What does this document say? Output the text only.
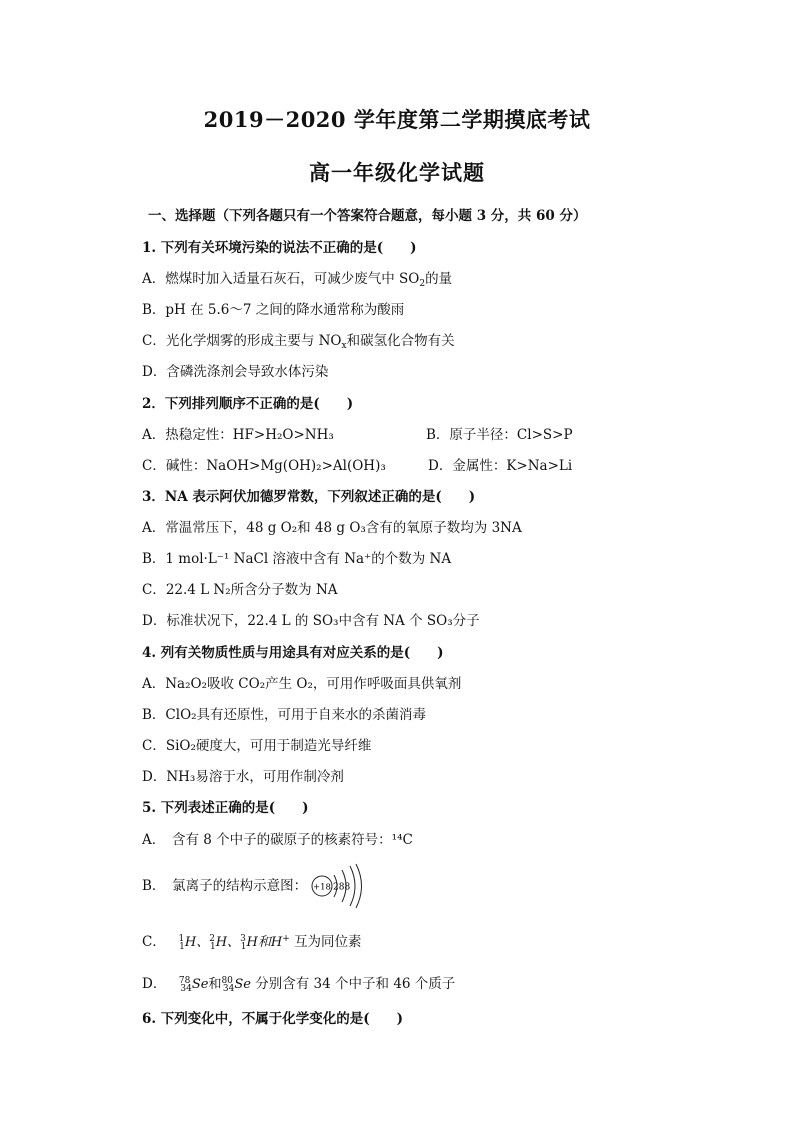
2019－2020 学年度第二学期摸底考试
高一年级化学试题
一、选择题（下列各题只有一个答案符合题意，每小题 3 分，共 60 分）
1. 下列有关环境污染的说法不正确的是(　　)
A．燃煤时加入适量石灰石，可减少废气中 $SO_2$的量
B．pH 在 5.6～7 之间的降水通常称为酸雨
C．光化学烟雾的形成主要与 $NO_x$和碳氢化合物有关
D．含磷洗涤剂会导致水体污染
2．下列排列顺序不正确的是(　　)
A．热稳定性：HF>H₂O>NH₃	B．原子半径：Cl>S>P
C．碱性：NaOH>Mg(OH)₂>Al(OH)₃	D．金属性：K>Na>Li
3．NA 表示阿伏加德罗常数，下列叙述正确的是(　　)
A．常温常压下，48 g O₂和 48 g O₃含有的氧原子数均为 3NA
B．1 mol·L⁻¹ NaCl 溶液中含有 Na⁺的个数为 NA
C．22.4 L N₂所含分子数为 NA
D．标准状况下，22.4 L 的 SO₃中含有 NA 个 SO₃分子
4. 列有关物质性质与用途具有对应关系的是(　　)
A．Na₂O₂吸收 CO₂产生 O₂，可用作呼吸面具供氧剂
B．ClO₂具有还原性，可用于自来水的杀菌消毒
C．SiO₂硬度大，可用于制造光导纤维
D．NH₃易溶于水，可用作制冷剂
5. 下列表述正确的是(　　)
A．　含有 8 个中子的碳原子的核素符号：¹⁴C
B．　氯离子的结构示意图： +18 288
C． $^1_1$H、$^2_1$H、$^3_1$H和H+ 互为同位素
D． $^{78}_{34}$Se和$^{80}_{34}$Se 分别含有 34 个中子和 46 个质子
6. 下列变化中，不属于化学变化的是(　　)
